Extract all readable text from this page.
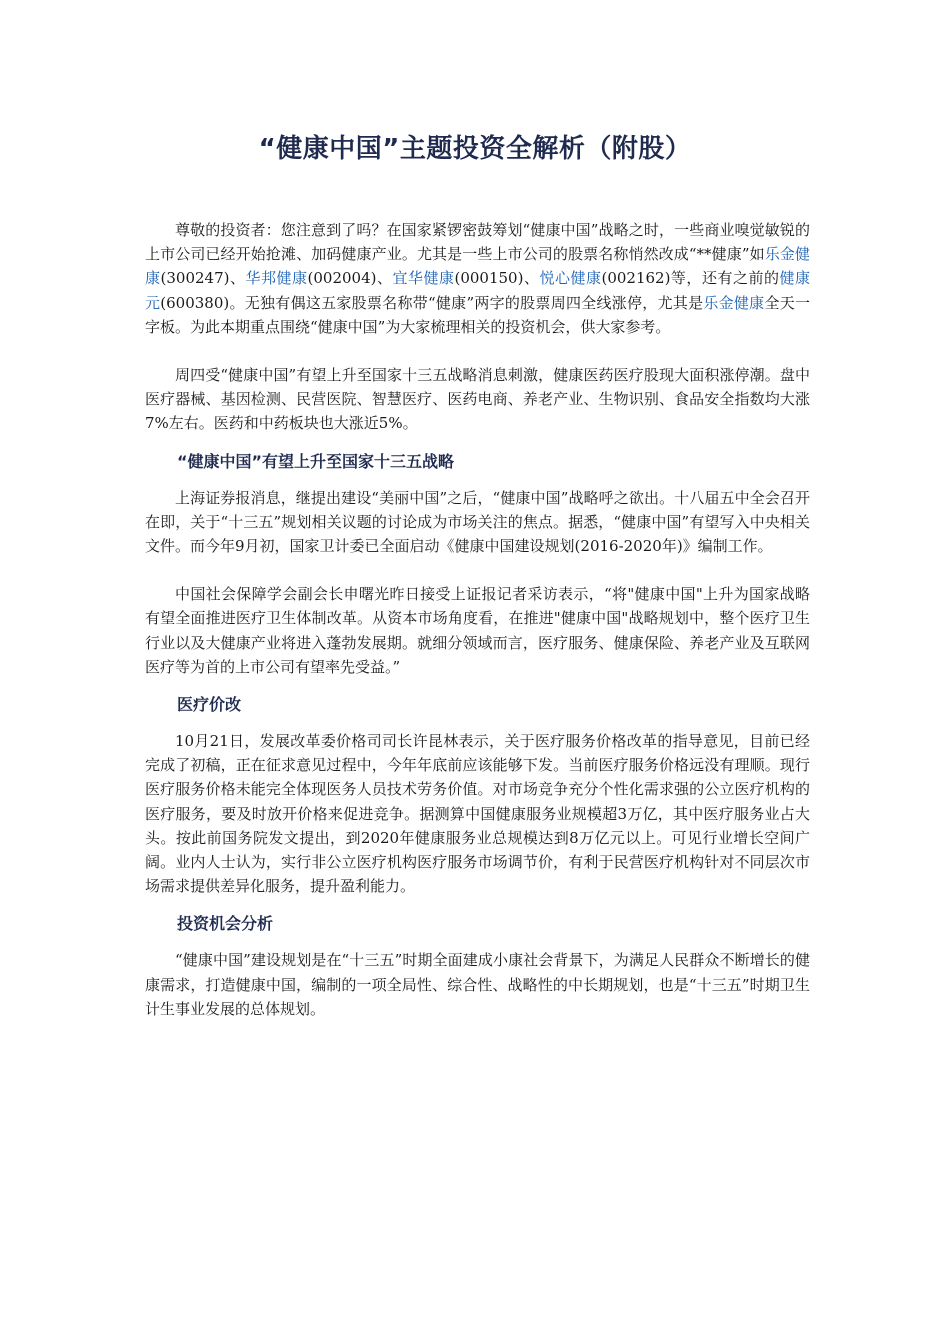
“健康中国”主题投资全解析（附股）

尊敬的投资者：您注意到了吗？在国家紧锣密鼓筹划“健康中国”战略之时，一些商业嗅觉敏锐的上市公司已经开始抢滩、加码健康产业。尤其是一些上市公司的股票名称悄然改成“**健康”如乐金健康(300247)、华邦健康(002004)、宜华健康(000150)、悦心健康(002162)等，还有之前的健康元(600380)。无独有偶这五家股票名称带“健康”两字的股票周四全线涨停，尤其是乐金健康全天一字板。为此本期重点围绕“健康中国”为大家梳理相关的投资机会，供大家参考。

周四受“健康中国”有望上升至国家十三五战略消息刺激，健康医药医疗股现大面积涨停潮。盘中医疗器械、基因检测、民营医院、智慧医疗、医药电商、养老产业、生物识别、食品安全指数均大涨7%左右。医药和中药板块也大涨近5%。

“健康中国”有望上升至国家十三五战略

上海证券报消息，继提出建设“美丽中国”之后，“健康中国”战略呼之欲出。十八届五中全会召开在即，关于“十三五”规划相关议题的讨论成为市场关注的焦点。据悉，“健康中国”有望写入中央相关文件。而今年9月初，国家卫计委已全面启动《健康中国建设规划(2016-2020年)》编制工作。

中国社会保障学会副会长申曙光昨日接受上证报记者采访表示，“将"健康中国"上升为国家战略有望全面推进医疗卫生体制改革。从资本市场角度看，在推进"健康中国"战略规划中，整个医疗卫生行业以及大健康产业将进入蓬勃发展期。就细分领域而言，医疗服务、健康保险、养老产业及互联网医疗等为首的上市公司有望率先受益。”

医疗价改

10月21日，发展改革委价格司司长许昆林表示，关于医疗服务价格改革的指导意见，目前已经完成了初稿，正在征求意见过程中，今年年底前应该能够下发。当前医疗服务价格远没有理顺。现行医疗服务价格未能完全体现医务人员技术劳务价值。对市场竞争充分个性化需求强的公立医疗机构的医疗服务，要及时放开价格来促进竞争。据测算中国健康服务业规模超3万亿，其中医疗服务业占大头。按此前国务院发文提出，到2020年健康服务业总规模达到8万亿元以上。可见行业增长空间广阔。业内人士认为，实行非公立医疗机构医疗服务市场调节价，有利于民营医疗机构针对不同层次市场需求提供差异化服务，提升盈利能力。

投资机会分析

“健康中国”建设规划是在“十三五”时期全面建成小康社会背景下，为满足人民群众不断增长的健康需求，打造健康中国，编制的一项全局性、综合性、战略性的中长期规划，也是“十三五”时期卫生计生事业发展的总体规划。
